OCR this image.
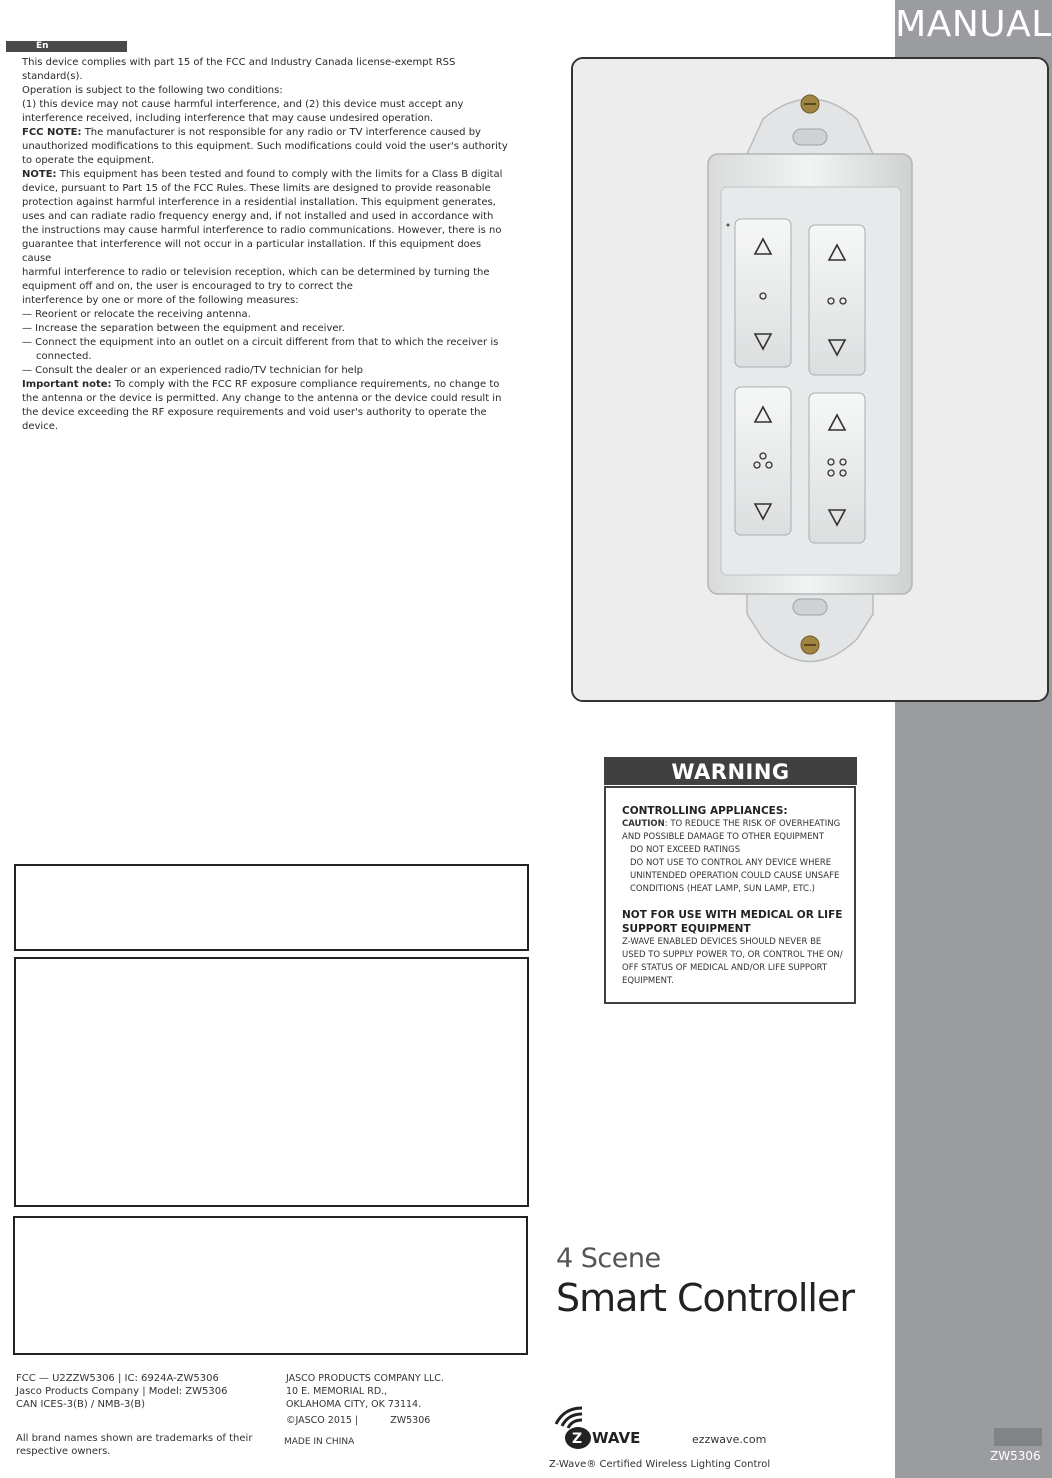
MANUAL
ZW5306
En

This device complies with part 15 of the FCC and Industry Canada license-exempt RSS standard(s).

Operation is subject to the following two conditions:

(1) this device may not cause harmful interference, and (2) this device must accept any

interference received, including interference that may cause undesired operation.

FCC NOTE: The manufacturer is not responsible for any radio or TV interference caused by

unauthorized modifications to this equipment. Such modifications could void the user's authority

to operate the equipment.

NOTE: This equipment has been tested and found to comply with the limits for a Class B digital

device, pursuant to Part 15 of the FCC Rules. These limits are designed to provide reasonable

protection against harmful interference in a residential installation. This equipment generates,

uses and can radiate radio frequency energy and, if not installed and used in accordance with

the instructions may cause harmful interference to radio communications. However, there is no

guarantee that interference will not occur in a particular installation. If this equipment does cause

harmful interference to radio or television reception, which can be determined by turning the

equipment off and on, the user is encouraged to try to correct the

interference by one or more of the following measures:

— Reorient or relocate the receiving antenna.

— Increase the separation between the equipment and receiver.

— Connect the equipment into an outlet on a circuit different from that to which the receiver is

connected.

— Consult the dealer or an experienced radio/TV technician for help

Important note: To comply with the FCC RF exposure compliance requirements, no change to

the antenna or the device is permitted. Any change to the antenna or the device could result in

the device exceeding the RF exposure requirements and void user's authority to operate the device.

WARNING
CONTROLLING APPLIANCES:
CAUTION: TO REDUCE THE RISK OF OVERHEATING
AND POSSIBLE DAMAGE TO OTHER EQUIPMENT
DO NOT EXCEED RATINGS
DO NOT USE TO CONTROL ANY DEVICE WHERE
UNINTENDED OPERATION COULD CAUSE UNSAFE
CONDITIONS (HEAT LAMP, SUN LAMP, ETC.)
NOT FOR USE WITH MEDICAL OR LIFE
SUPPORT EQUIPMENT
Z-WAVE ENABLED DEVICES SHOULD NEVER BE
USED TO SUPPLY POWER TO, OR CONTROL THE ON/
OFF STATUS OF MEDICAL AND/OR LIFE SUPPORT
EQUIPMENT.
4 Scene
Smart Controller
FCC — U2ZZW5306 | IC: 6924A-ZW5306
Jasco Products Company | Model: ZW5306
CAN ICES-3(B) / NMB-3(B)
JASCO PRODUCTS COMPANY LLC.
10 E. MEMORIAL RD.,
OKLAHOMA CITY, OK 73114.
©JASCO 2015 |	ZW5306
All brand names shown are trademarks of their respective owners.
MADE IN CHINA	Z WAVE	ezzwave.com
Z-Wave® Certified Wireless Lighting Control
